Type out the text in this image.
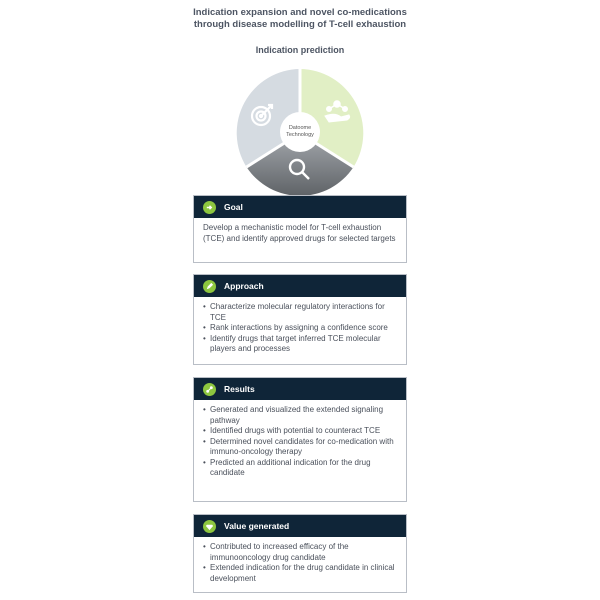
Indication expansion and novel co-medications
through disease modelling of T-cell exhaustion
Indication prediction
Datoome
Technology
Goal

Develop a mechanistic model for T-cell exhaustion (TCE) and identify approved drugs for selected targets

Approach
• Characterize molecular regulatory interactions for TCE
• Rank interactions by assigning a confidence score
• Identify drugs that target inferred TCE molecular players and processes
Results
• Generated and visualized the extended signaling pathway
• Identified drugs with potential to counteract TCE
• Determined novel candidates for co-medication with immuno-oncology therapy
• Predicted an additional indication for the drug candidate
Value generated
• Contributed to increased efficacy of the immunooncology drug candidate
• Extended indication for the drug candidate in clinical development
